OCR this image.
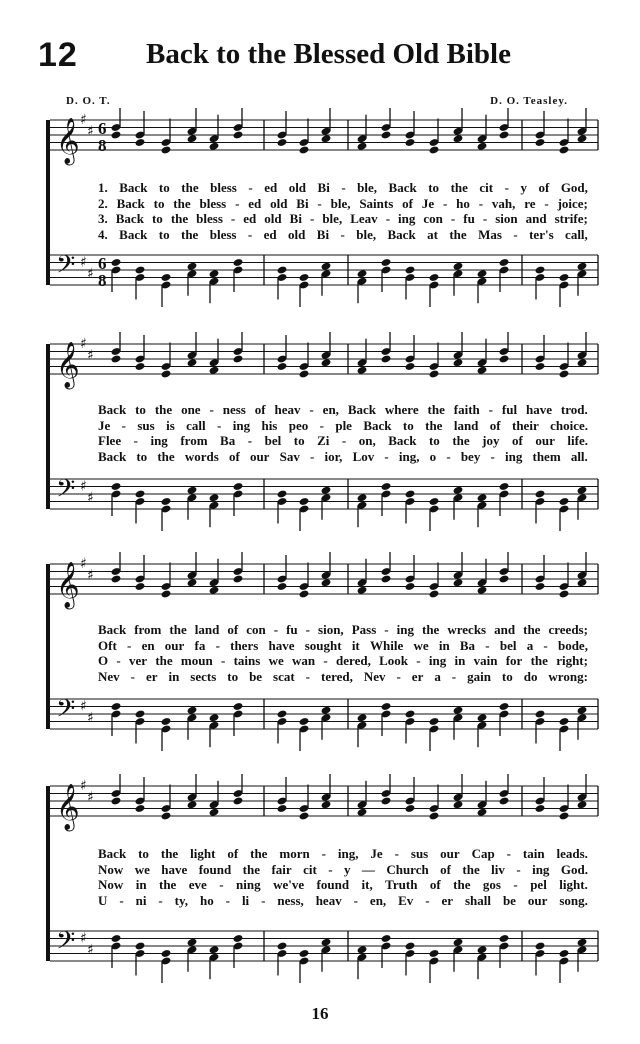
12 Back to the Blessed Old Bible
D. O. T.	D. O. Teasley.
𝄞
𝄢
♯
♯
♯
♯
6
8
6
8
1. Back to the bless - ed old Bi - ble, Back to the cit - y of God,
2. Back to the bless - ed old Bi - ble, Saints of Je - ho - vah, re - joice;
3. Back to the bless - ed old Bi - ble, Leav - ing con - fu - sion and strife;
4. Back to the bless - ed old Bi - ble, Back at the Mas - ter's call,
𝄞
𝄢
♯
♯
♯
♯
Back to the one - ness of heav - en, Back where the faith - ful have trod.
Je - sus is call - ing his peo - ple Back to the land of their choice.
Flee - ing from Ba - bel to Zi - on, Back to the joy of our life.
Back to the words of our Sav - ior, Lov - ing, o - bey - ing them all.
𝄞
𝄢
♯
♯
♯
♯
Back from the land of con - fu - sion, Pass - ing the wrecks and the creeds;
Oft - en our fa - thers have sought it While we in Ba - bel a - bode,
O - ver the moun - tains we wan - dered, Look - ing in vain for the right;
Nev - er in sects to be scat - tered, Nev - er a - gain to do wrong:
𝄞
𝄢
♯
♯
♯
♯
Back to the light of the morn - ing, Je - sus our Cap - tain leads.
Now we have found the fair cit - y — Church of the liv - ing God.
Now in the eve - ning we've found it, Truth of the gos - pel light.
U - ni - ty, ho - li - ness, heav - en, Ev - er shall be our song.
16
